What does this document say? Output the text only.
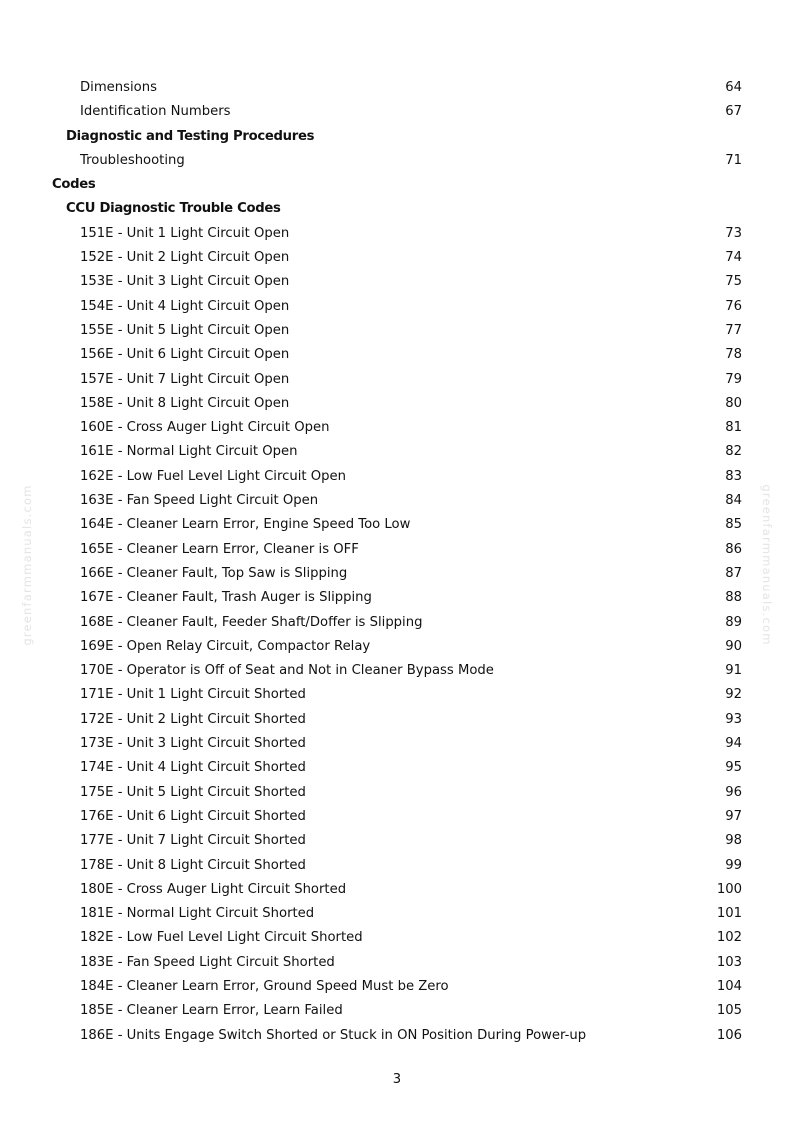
Dimensions	64
Identification Numbers	67
Diagnostic and Testing Procedures
Troubleshooting	71
Codes
CCU Diagnostic Trouble Codes
151E - Unit 1 Light Circuit Open	73
152E - Unit 2 Light Circuit Open	74
153E - Unit 3 Light Circuit Open	75
154E - Unit 4 Light Circuit Open	76
155E - Unit 5 Light Circuit Open	77
156E - Unit 6 Light Circuit Open	78
157E - Unit 7 Light Circuit Open	79
158E - Unit 8 Light Circuit Open	80
160E - Cross Auger Light Circuit Open	81
161E - Normal Light Circuit Open	82
162E - Low Fuel Level Light Circuit Open	83
163E - Fan Speed Light Circuit Open	84
164E - Cleaner Learn Error, Engine Speed Too Low	85
165E - Cleaner Learn Error, Cleaner is OFF	86
166E - Cleaner Fault, Top Saw is Slipping	87
167E - Cleaner Fault, Trash Auger is Slipping	88
168E - Cleaner Fault, Feeder Shaft/Doffer is Slipping	89
169E - Open Relay Circuit, Compactor Relay	90
170E - Operator is Off of Seat and Not in Cleaner Bypass Mode	91
171E - Unit 1 Light Circuit Shorted	92
172E - Unit 2 Light Circuit Shorted	93
173E - Unit 3 Light Circuit Shorted	94
174E - Unit 4 Light Circuit Shorted	95
175E - Unit 5 Light Circuit Shorted	96
176E - Unit 6 Light Circuit Shorted	97
177E - Unit 7 Light Circuit Shorted	98
178E - Unit 8 Light Circuit Shorted	99
180E - Cross Auger Light Circuit Shorted	100
181E - Normal Light Circuit Shorted	101
182E - Low Fuel Level Light Circuit Shorted	102
183E - Fan Speed Light Circuit Shorted	103
184E - Cleaner Learn Error, Ground Speed Must be Zero	104
185E - Cleaner Learn Error, Learn Failed	105
186E - Units Engage Switch Shorted or Stuck in ON Position During Power-up	106
3
greenfarmmanuals.com	greenfarmmanuals.com
